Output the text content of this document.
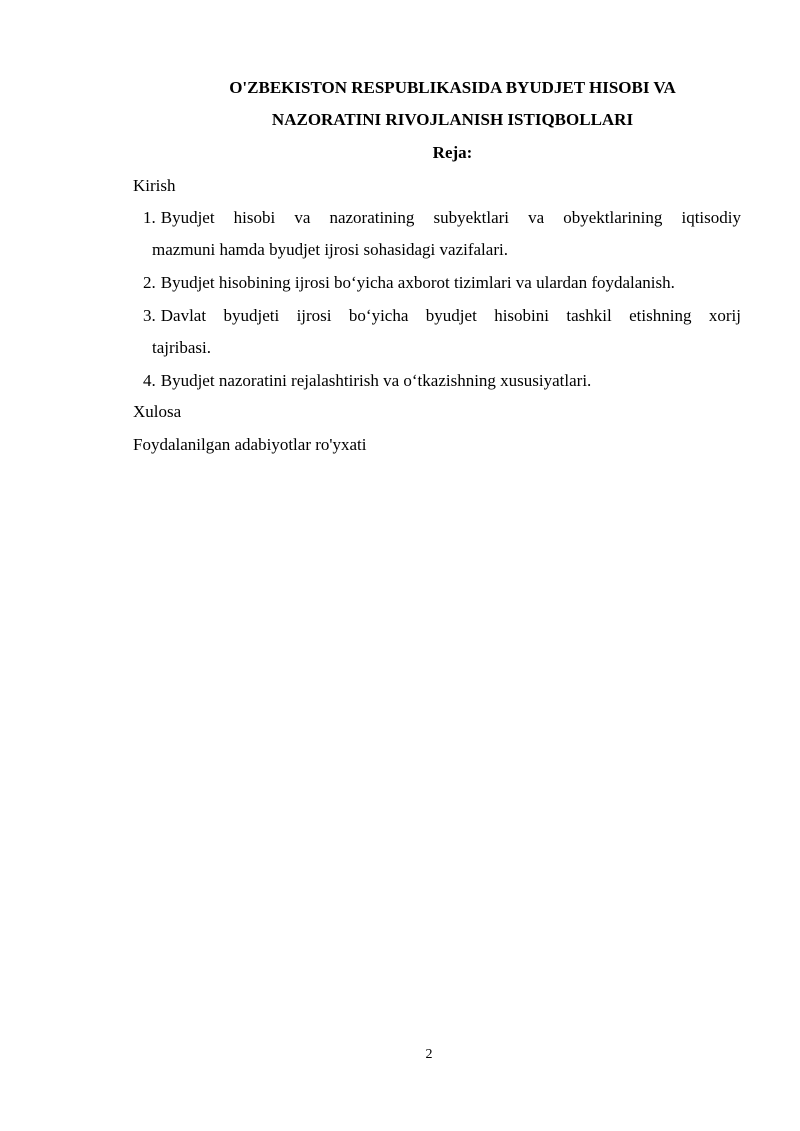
O'ZBEKISTON RESPUBLIKASIDA BYUDJET HISOBI VA
NAZORATINI RIVOJLANISH ISTIQBOLLARI
Reja:
Kirish
1. Byudjet hisobi va nazoratining subyektlari va obyektlarining iqtisodiy
mazmuni hamda byudjet ijrosi sohasidagi vazifalari.
2. Byudjet hisobining ijrosi bo‘yicha axborot tizimlari va ulardan foydalanish.
3. Davlat byudjeti ijrosi bo‘yicha byudjet hisobini tashkil etishning xorij
tajribasi.
4. Byudjet nazoratini rejalashtirish va o‘tkazishning xususiyatlari.
Xulosa
Foydalanilgan adabiyotlar ro'yxati
2
